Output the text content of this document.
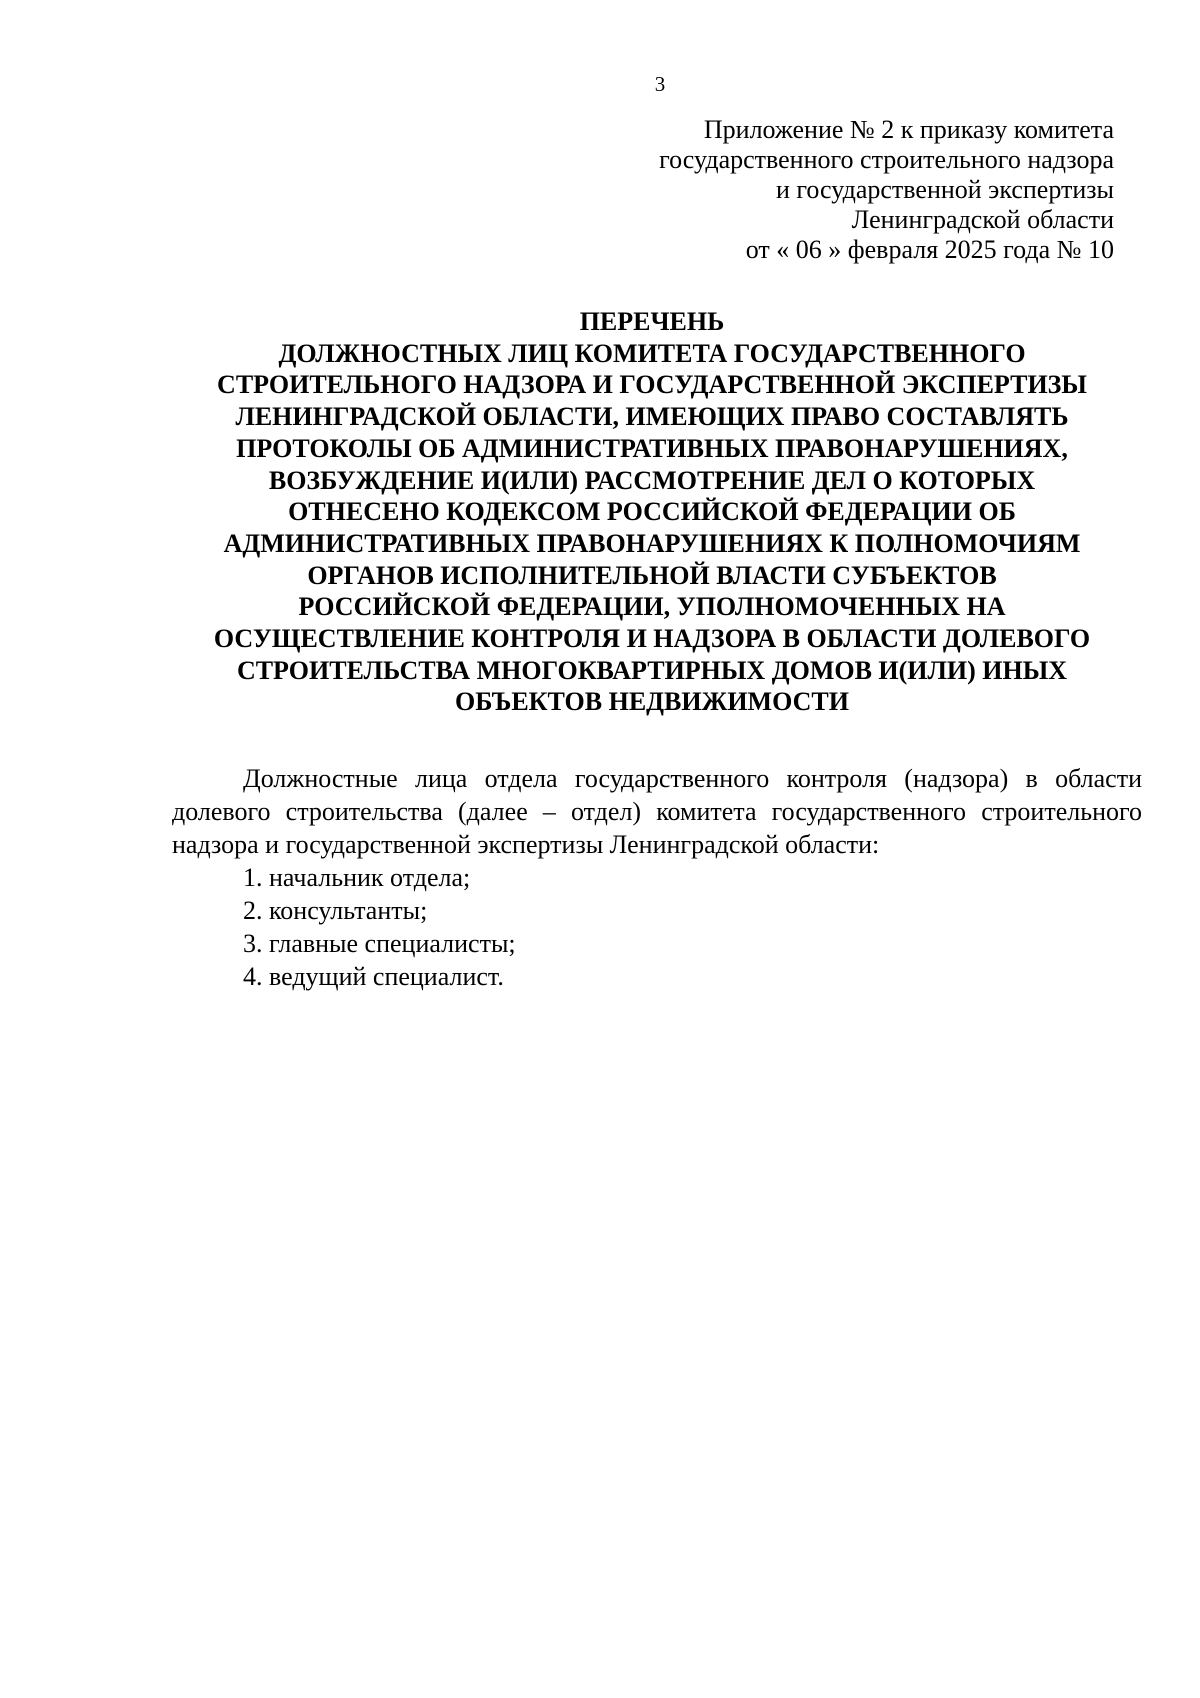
3
Приложение № 2 к приказу комитета
государственного строительного надзора
и государственной экспертизы
Ленинградской области
от « 06 » февраля 2025 года № 10
ПЕРЕЧЕНЬ
ДОЛЖНОСТНЫХ ЛИЦ КОМИТЕТА ГОСУДАРСТВЕННОГО
СТРОИТЕЛЬНОГО НАДЗОРА И ГОСУДАРСТВЕННОЙ ЭКСПЕРТИЗЫ
ЛЕНИНГРАДСКОЙ ОБЛАСТИ, ИМЕЮЩИХ ПРАВО СОСТАВЛЯТЬ
ПРОТОКОЛЫ ОБ АДМИНИСТРАТИВНЫХ ПРАВОНАРУШЕНИЯХ,
ВОЗБУЖДЕНИЕ И(ИЛИ) РАССМОТРЕНИЕ ДЕЛ О КОТОРЫХ
ОТНЕСЕНО КОДЕКСОМ РОССИЙСКОЙ ФЕДЕРАЦИИ ОБ
АДМИНИСТРАТИВНЫХ ПРАВОНАРУШЕНИЯХ К ПОЛНОМОЧИЯМ
ОРГАНОВ ИСПОЛНИТЕЛЬНОЙ ВЛАСТИ СУБЪЕКТОВ
РОССИЙСКОЙ ФЕДЕРАЦИИ, УПОЛНОМОЧЕННЫХ НА
ОСУЩЕСТВЛЕНИЕ КОНТРОЛЯ И НАДЗОРА В ОБЛАСТИ ДОЛЕВОГО
СТРОИТЕЛЬСТВА МНОГОКВАРТИРНЫХ ДОМОВ И(ИЛИ) ИНЫХ
ОБЪЕКТОВ НЕДВИЖИМОСТИ

Должностные лица отдела государственного контроля (надзора) в области долевого строительства (далее – отдел) комитета государственного строительного надзора и государственной экспертизы Ленинградской области:

1. начальник отдела;
2. консультанты;
3. главные специалисты;
4. ведущий специалист.
